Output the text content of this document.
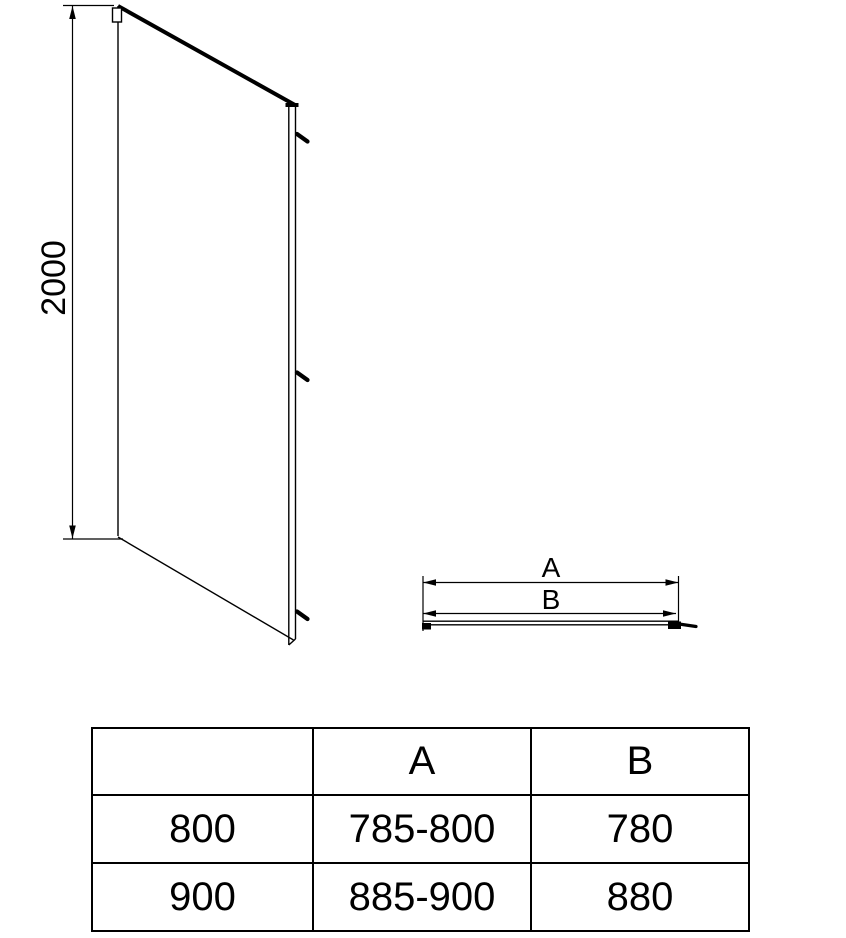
2000
A
B
	A	B
800	785-800	780
900	885-900	880
